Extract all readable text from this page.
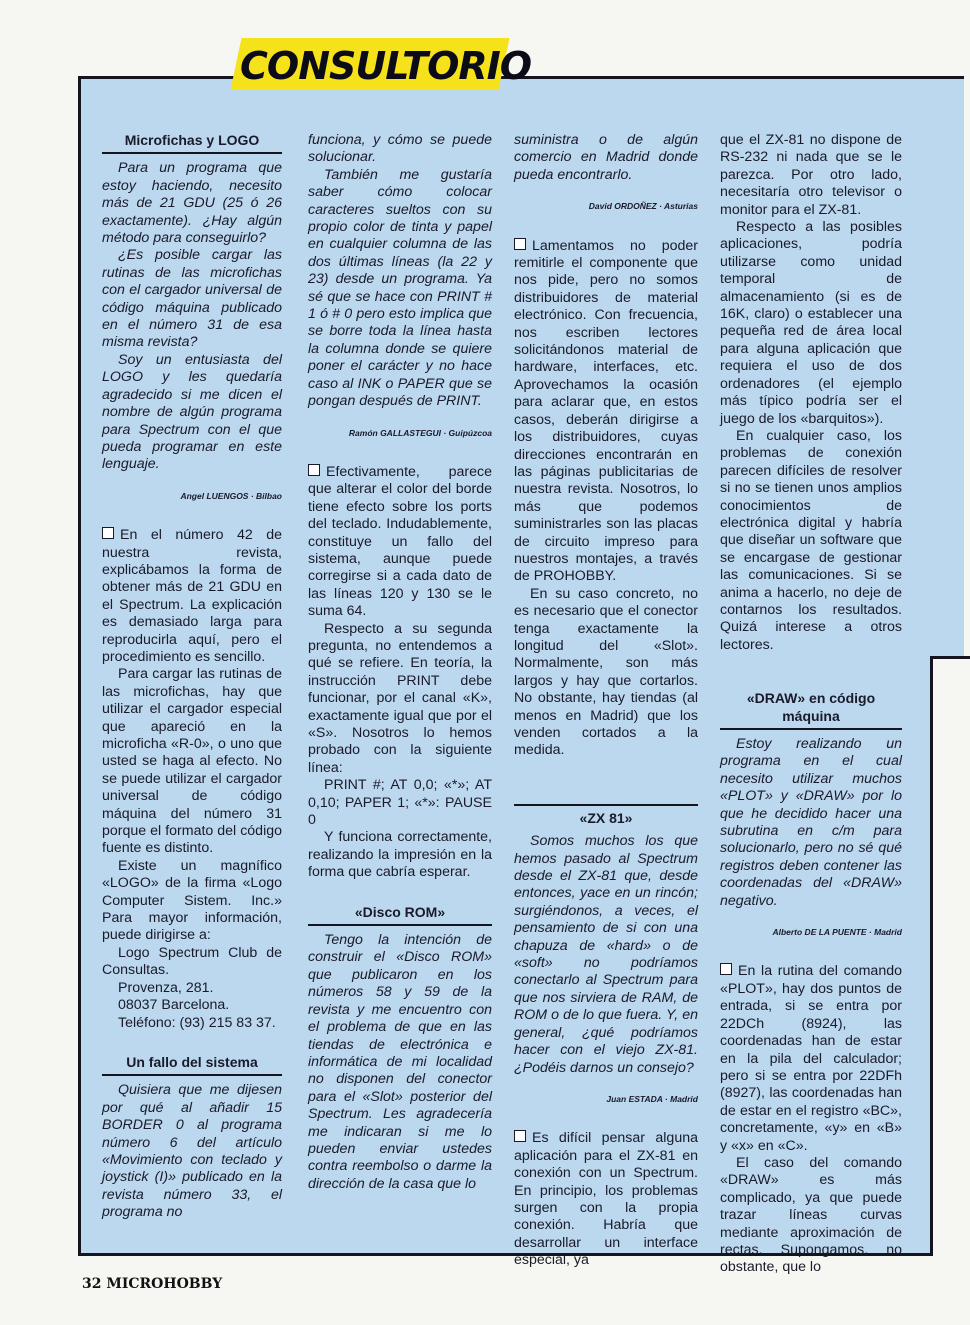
CONSULTORIO
Microfichas y LOGO

Para un programa que estoy haciendo, necesito más de 21 GDU (25 ó 26 exactamente). ¿Hay algún método para conseguirlo?

¿Es posible cargar las rutinas de las microfichas con el cargador universal de código máquina publicado en el número 31 de esa misma revista?

Soy un entusiasta del LOGO y les quedaría agradecido si me dicen el nombre de algún programa para Spectrum con el que pueda programar en este lenguaje.

Angel LUENGOS · Bilbao

En el número 42 de nuestra revista, explicábamos la forma de obtener más de 21 GDU en el Spectrum. La explicación es demasiado larga para reproducirla aquí, pero el procedimiento es sencillo.

Para cargar las rutinas de las microfichas, hay que utilizar el cargador especial que apareció en la microficha «R-0», o uno que usted se haga al efecto. No se puede utilizar el cargador universal de código máquina del número 31 porque el formato del código fuente es distinto.

Existe un magnífico «LOGO» de la firma «Logo Computer Sistem. Inc.» Para mayor información, puede dirigirse a:

Logo Spectrum Club de Consultas.

Provenza, 281.

08037 Barcelona.

Teléfono: (93) 215 83 37.

Un fallo del sistema

Quisiera que me dijesen por qué al añadir 15 BORDER 0 al programa número 6 del artículo «Movimiento con teclado y joystick (I)» publicado en la revista número 33, el programa no

funciona, y cómo se puede solucionar.

También me gustaría saber cómo colocar caracteres sueltos con su propio color de tinta y papel en cualquier columna de las dos últimas líneas (la 22 y 23) desde un programa. Ya sé que se hace con PRINT # 1 ó # 0 pero esto implica que se borre toda la línea hasta la columna donde se quiere poner el carácter y no hace caso al INK o PAPER que se pongan después de PRINT.

Ramón GALLASTEGUI · Guipúzcoa

Efectivamente, parece que alterar el color del borde tiene efecto sobre los ports del teclado. Indudablemente, constituye un fallo del sistema, aunque puede corregirse si a cada dato de las líneas 120 y 130 se le suma 64.

Respecto a su segunda pregunta, no entendemos a qué se refiere. En teoría, la instrucción PRINT debe funcionar, por el canal «K», exactamente igual que por el «S». Nosotros lo hemos probado con la siguiente línea:

PRINT #; AT 0,0; «*»; AT 0,10; PAPER 1; «*»: PAUSE 0

Y funciona correctamente, realizando la impresión en la forma que cabría esperar.

«Disco ROM»

Tengo la intención de construir el «Disco ROM» que publicaron en los números 58 y 59 de la revista y me encuentro con el problema de que en las tiendas de electrónica e informática de mi localidad no disponen del conector para el «Slot» posterior del Spectrum. Les agradecería me indicaran si me lo pueden enviar ustedes contra reembolso o darme la dirección de la casa que lo

suministra o de algún comercio en Madrid donde pueda encontrarlo.

David ORDOÑEZ · Asturias

Lamentamos no poder remitirle el componente que nos pide, pero no somos distribuidores de material electrónico. Con frecuencia, nos escriben lectores solicitándonos material de hardware, interfaces, etc. Aprovechamos la ocasión para aclarar que, en estos casos, deberán dirigirse a los distribuidores, cuyas direcciones encontrarán en las páginas publicitarias de nuestra revista. Nosotros, lo más que podemos suministrarles son las placas de circuito impreso para nuestros montajes, a través de PROHOBBY.

En su caso concreto, no es necesario que el conector tenga exactamente la longitud del «Slot». Normalmente, son más largos y hay que cortarlos. No obstante, hay tiendas (al menos en Madrid) que los venden cortados a la medida.

«ZX 81»

Somos muchos los que hemos pasado al Spectrum desde el ZX-81 que, desde entonces, yace en un rincón; surgiéndonos, a veces, el pensamiento de si con una chapuza de «hard» o de «soft» no podríamos conectarlo al Spectrum para que nos sirviera de RAM, de ROM o de lo que fuera. Y, en general, ¿qué podríamos hacer con el viejo ZX-81. ¿Podéis darnos un consejo?

Juan ESTADA · Madrid

Es difícil pensar alguna aplicación para el ZX-81 en conexión con un Spectrum. En principio, los problemas surgen con la propia conexión. Habría que desarrollar un interface especial, ya

que el ZX-81 no dispone de RS-232 ni nada que se le parezca. Por otro lado, necesitaría otro televisor o monitor para el ZX-81.

Respecto a las posibles aplicaciones, podría utilizarse como unidad temporal de almacenamiento (si es de 16K, claro) o establecer una pequeña red de área local para alguna aplicación que requiera el uso de dos ordenadores (el ejemplo más típico podría ser el juego de los «barquitos»).

En cualquier caso, los problemas de conexión parecen difíciles de resolver si no se tienen unos amplios conocimientos de electrónica digital y habría que diseñar un software que se encargase de gestionar las comunicaciones. Si se anima a hacerlo, no deje de contarnos los resultados. Quizá interese a otros lectores.

«DRAW» en código máquina

Estoy realizando un programa en el cual necesito utilizar muchos «PLOT» y «DRAW» por lo que he decidido hacer una subrutina en c/m para solucionarlo, pero no sé qué registros deben contener las coordenadas del «DRAW» negativo.

Alberto DE LA PUENTE · Madrid

En la rutina del comando «PLOT», hay dos puntos de entrada, si se entra por 22DCh (8924), las coordenadas han de estar en la pila del calculador; pero si se entra por 22DFh (8927), las coordenadas han de estar en el registro «BC», concretamente, «y» en «B» y «x» en «C».

El caso del comando «DRAW» es más complicado, ya que puede trazar líneas curvas mediante aproximación de rectas. Supongamos, no obstante, que lo

32 MICROHOBBY
